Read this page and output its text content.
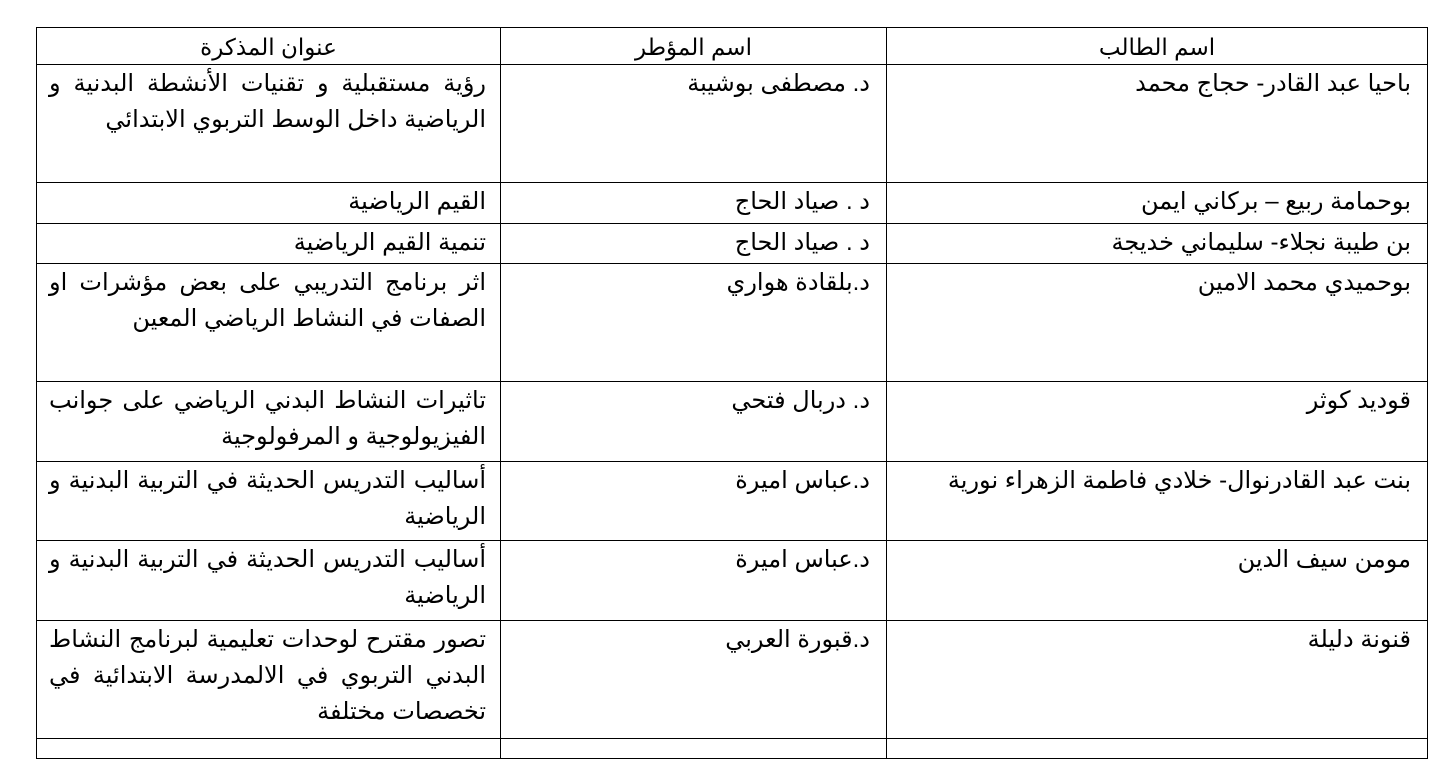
اسم الطالب	اسم المؤطر	عنوان المذكرة
باحيا عبد القادر- حجاج محمد	د. مصطفى بوشيبة	رؤية مستقبلية و تقنيات الأنشطة البدنية و الرياضية داخل الوسط التربوي الابتدائي
بوحمامة ربيع – بركاني ايمن	د . صياد الحاج	القيم الرياضية
بن طيبة نجلاء- سليماني خديجة	د . صياد الحاج	تنمية القيم الرياضية
بوحميدي محمد الامين	د.بلقادة هواري	اثر برنامج التدريبي على بعض مؤشرات او الصفات في النشاط الرياضي المعين
قوديد كوثر	د. دربال فتحي	تاثيرات النشاط البدني الرياضي على جوانب الفيزيولوجية و المرفولوجية
بنت عبد القادرنوال- خلادي فاطمة الزهراء نورية	د.عباس اميرة	أساليب التدريس الحديثة في التربية البدنية و الرياضية
مومن سيف الدين	د.عباس اميرة	أساليب التدريس الحديثة في التربية البدنية و الرياضية
قنونة دليلة	د.قبورة العربي	تصور مقترح لوحدات تعليمية لبرنامج النشاط البدني التربوي في الالمدرسة الابتدائية في تخصصات مختلفة
